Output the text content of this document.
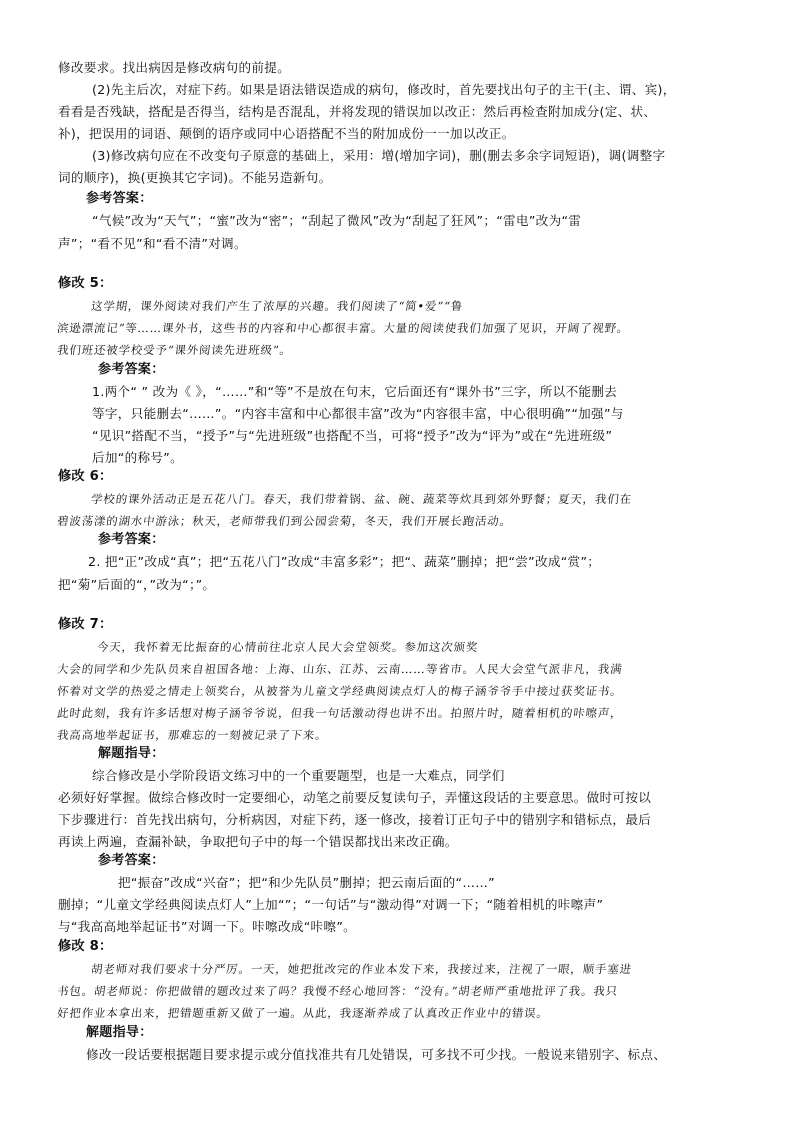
修改要求。找出病因是修改病句的前提。

(2)先主后次，对症下药。如果是语法错误造成的病句，修改时，首先要找出句子的主干(主、谓、宾)，

看看是否残缺，搭配是否得当，结构是否混乱，并将发现的错误加以改正：然后再检查附加成分(定、状、

补)，把误用的词语、颠倒的语序或同中心语搭配不当的附加成份一一加以改正。

(3)修改病句应在不改变句子原意的基础上，采用：增(增加字词)，删(删去多余字词短语)，调(调整字

词的顺序)，换(更换其它字词)。不能另造新句。

参考答案：

“气候”改为“天气”；“蜜”改为“密”；“刮起了微风”改为“刮起了狂风”；“雷电”改为“雷

声”；“看不见”和“看不清”对调。

修改 5：

这学期，课外阅读对我们产生了浓厚的兴趣。我们阅读了“简•爱”“鲁

滨逊漂流记”等……课外书，这些书的内容和中心都很丰富。大量的阅读使我们加强了见识，开阔了视野。

我们班还被学校受予“课外阅读先进班级”。

参考答案：

1.两个“ ” 改为《 》，“……”和“等”不是放在句末，它后面还有“课外书”三字，所以不能删去

等字，只能删去“……”。“内容丰富和中心都很丰富”改为“内容很丰富，中心很明确”“加强”与

“见识”搭配不当，“授予”与“先进班级”也搭配不当，可将“授予”改为“评为”或在“先进班级”

后加“的称号”。

修改 6：

学校的课外活动正是五花八门。春天，我们带着锅、盆、碗、蔬菜等炊具到郊外野餐；夏天，我们在

碧波荡漾的湖水中游泳；秋天，老师带我们到公园尝菊，冬天，我们开展长跑活动。

参考答案：

2. 把“正”改成“真”；把“五花八门”改成“丰富多彩”；把“、蔬菜”删掉；把“尝”改成“赏”；

把“菊”后面的“，”改为“；”。

修改 7：

今天，我怀着无比振奋的心情前往北京人民大会堂领奖。参加这次颁奖

大会的同学和少先队员来自祖国各地：上海、山东、江苏、云南……等省市。人民大会堂气派非凡，我满

怀着对文学的热爱之情走上领奖台，从被誉为儿童文学经典阅读点灯人的梅子涵爷爷手中接过获奖证书。

此时此刻，我有许多话想对梅子涵爷爷说，但我一句话激动得也讲不出。拍照片时，随着相机的咔嚓声，

我高高地举起证书，那难忘的一刻被记录了下来。

解题指导：

综合修改是小学阶段语文练习中的一个重要题型，也是一大难点，同学们

必须好好掌握。做综合修改时一定要细心，动笔之前要反复读句子，弄懂这段话的主要意思。做时可按以

下步骤进行：首先找出病句，分析病因，对症下药，逐一修改，接着订正句子中的错别字和错标点，最后

再读上两遍，查漏补缺，争取把句子中的每一个错误都找出来改正确。

参考答案：

把“振奋”改成“兴奋”；把“和少先队员”删掉；把云南后面的“……”

删掉；“儿童文学经典阅读点灯人”上加“”；“一句话”与“激动得”对调一下；“随着相机的咔嚓声”

与“我高高地举起证书”对调一下。咔嚓改成“咔嚓”。

修改 8：

胡老师对我们要求十分严厉。一天，她把批改完的作业本发下来，我接过来，注视了一眼，顺手塞进

书包。胡老师说：你把做错的题改过来了吗？我慢不经心地回答：“没有。”胡老师严重地批评了我。我只

好把作业本拿出来，把错题重新又做了一遍。从此，我逐渐养成了认真改正作业中的错误。

解题指导：

修改一段话要根据题目要求提示或分值找准共有几处错误，可多找不可少找。一般说来错别字、标点、
